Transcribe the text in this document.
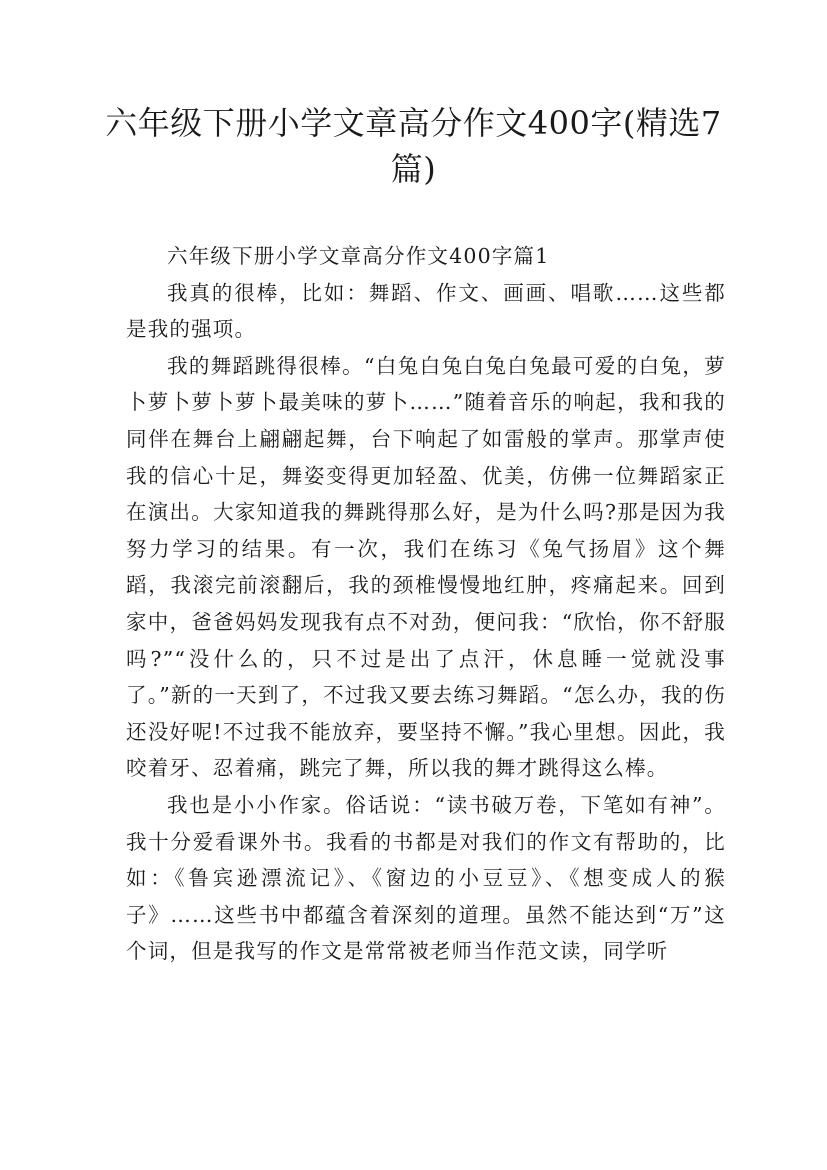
六年级下册小学文章高分作文400字(精选7篇)
六年级下册小学文章高分作文400字篇1

我真的很棒，比如：舞蹈、作文、画画、唱歌……这些都是我的强项。

我的舞蹈跳得很棒。“白兔白兔白兔白兔最可爱的白兔，萝卜萝卜萝卜萝卜最美味的萝卜……”随着音乐的响起，我和我的同伴在舞台上翩翩起舞，台下响起了如雷般的掌声。那掌声使我的信心十足，舞姿变得更加轻盈、优美，仿佛一位舞蹈家正在演出。大家知道我的舞跳得那么好，是为什么吗?那是因为我努力学习的结果。有一次，我们在练习《兔气扬眉》这个舞蹈，我滚完前滚翻后，我的颈椎慢慢地红肿，疼痛起来。回到家中，爸爸妈妈发现我有点不对劲，便问我：“欣怡，你不舒服吗?”“没什么的，只不过是出了点汗，休息睡一觉就没事了。”新的一天到了，不过我又要去练习舞蹈。“怎么办，我的伤还没好呢!不过我不能放弃，要坚持不懈。”我心里想。因此，我咬着牙、忍着痛，跳完了舞，所以我的舞才跳得这么棒。

我也是小小作家。俗话说：“读书破万卷，下笔如有神”。我十分爱看课外书。我看的书都是对我们的作文有帮助的，比如：《鲁宾逊漂流记》、《窗边的小豆豆》、《想变成人的猴子》……这些书中都蕴含着深刻的道理。虽然不能达到“万”这个词，但是我写的作文是常常被老师当作范文读，同学听
